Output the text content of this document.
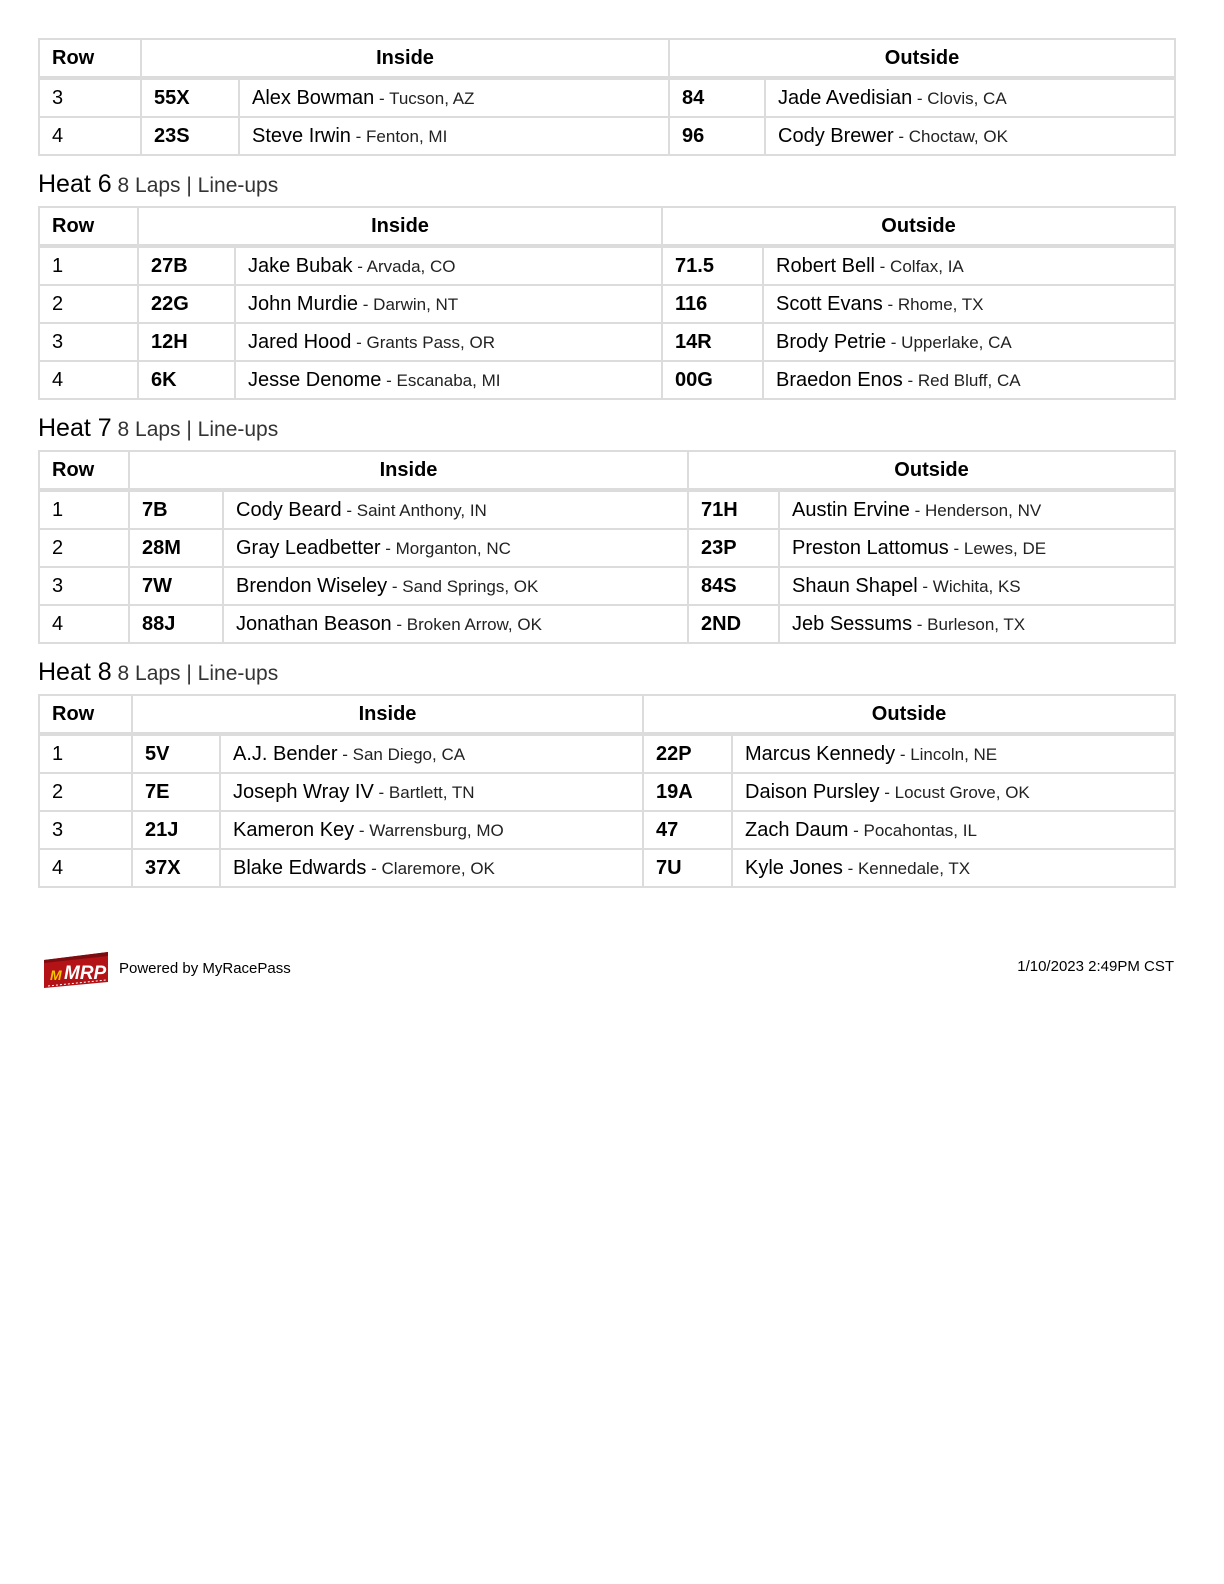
Row	Inside		Outside	
3	55X	Alex Bowman - Tucson, AZ	84	Jade Avedisian - Clovis, CA
4	23S	Steve Irwin - Fenton, MI	96	Cody Brewer - Choctaw, OK
Heat 6 8 Laps | Line-ups
Row	Inside		Outside	
1	27B	Jake Bubak - Arvada, CO	71.5	Robert Bell - Colfax, IA
2	22G	John Murdie - Darwin, NT	116	Scott Evans - Rhome, TX
3	12H	Jared Hood - Grants Pass, OR	14R	Brody Petrie - Upperlake, CA
4	6K	Jesse Denome - Escanaba, MI	00G	Braedon Enos - Red Bluff, CA
Heat 7 8 Laps | Line-ups
Row	Inside		Outside	
1	7B	Cody Beard - Saint Anthony, IN	71H	Austin Ervine - Henderson, NV
2	28M	Gray Leadbetter - Morganton, NC	23P	Preston Lattomus - Lewes, DE
3	7W	Brendon Wiseley - Sand Springs, OK	84S	Shaun Shapel - Wichita, KS
4	88J	Jonathan Beason - Broken Arrow, OK	2ND	Jeb Sessums - Burleson, TX
Heat 8 8 Laps | Line-ups
Row	Inside		Outside	
1	5V	A.J. Bender - San Diego, CA	22P	Marcus Kennedy - Lincoln, NE
2	7E	Joseph Wray IV - Bartlett, TN	19A	Daison Pursley - Locust Grove, OK
3	21J	Kameron Key - Warrensburg, MO	47	Zach Daum - Pocahontas, IL
4	37X	Blake Edwards - Claremore, OK	7U	Kyle Jones - Kennedale, TX
M MRP Powered by MyRacePass	1/10/2023 2:49PM CST
